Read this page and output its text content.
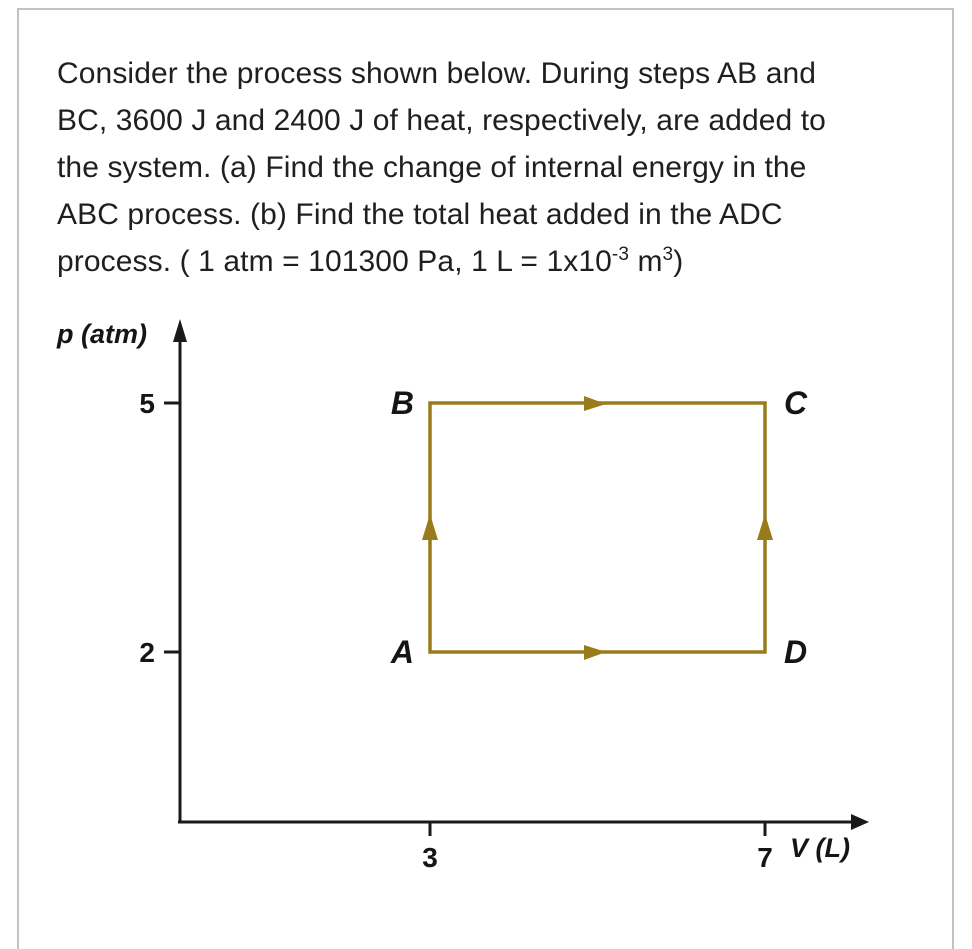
Consider the process shown below. During steps AB and
BC, 3600 J and 2400 J of heat, respectively, are added to
the system. (a) Find the change of internal energy in the
ABC process. (b) Find the total heat added in the ADC
process. ( 1 atm = 101300 Pa, 1 $L = 1x10^{-3}$ $m^3$)
p (atm)
V (L)
5
2
3	7
B	C
A	D
